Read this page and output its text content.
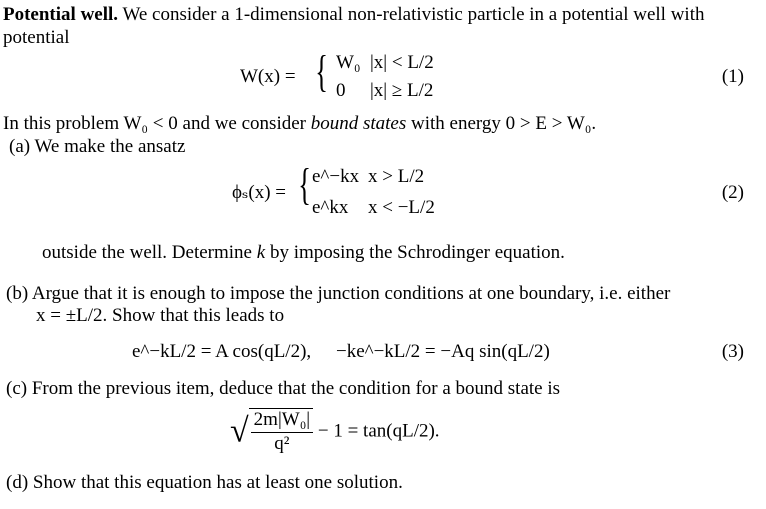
Potential well. We consider a 1-dimensional non-relativistic particle in a potential well with
potential
W(x) = { W₀ |x| < L/2
0 |x| ≥ L/2
(1)
In this problem W₀ < 0 and we consider bound states with energy 0 > E > W₀.
(a) We make the ansatz
ϕₛ(x) = { e^−kx x > L/2
e^kx x < −L/2
(2)
outside the well. Determine k by imposing the Schrodinger equation.
(b) Argue that it is enough to impose the junction conditions at one boundary, i.e. either
x = ±L/2. Show that this leads to
e^−kL/2 = A cos(qL/2), −ke^−kL/2 = −Aq sin(qL/2)	(3)
(c) From the previous item, deduce that the condition for a bound state is
√ $\frac{\text{2m|W₀|}}{\text{q²}} - 1 = \tan(qL/2)$.
(d) Show that this equation has at least one solution.
